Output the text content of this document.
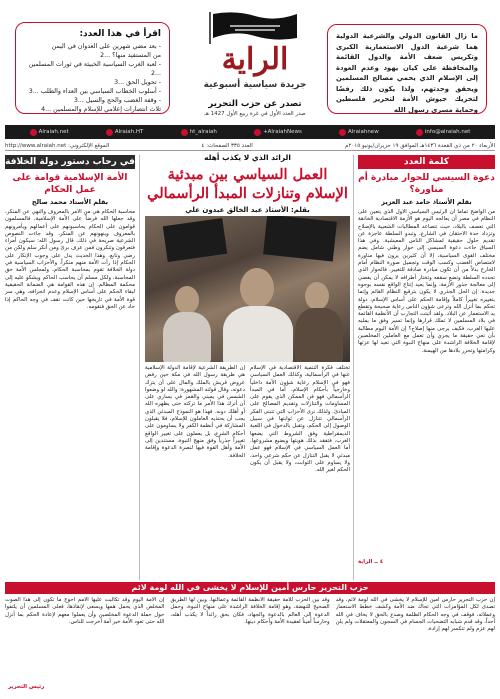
اقرأ في هذا العدد:
- بعد مضي شهرين على العدوان في اليمن
من المستفيد منها؟ ...2
- لعبة الغرب السياسية الخبيثة في ثورات المسلمين ...2
- تحويل الحق ...3
- أسلوب الخطاب السياسي بين العداء والطلب ...3
- وقفة الغضب والحج والسيل ...3
ثلاث انتصارات إعلامي للإسلام والمسلمين ...4
الراية
جريدة سياسية أسبوعية
تصدر عن حزب التحرير
صدر العدد الأول في غرة ربيع الأول 1427 هـ
ما زال القانون الدولي والشرعية الدولية هما شرعية الدول الاستعمارية الكبرى وتكريس ضعف الأمة والدول القائمة والمحافظة على كيان يهود وعدم العودة إلى الإسلام الذي يحمي مصالح المسلمين ويحقق وحدتهم، ولذا يكون ذلك رفضًا لتحريك جيوش الأمة لتحرير فلسطين وحماية مسرى رسول الله
Alraiah.net	Alraiah.HT	ht_alraiah	+AlraiahNews	Alraiahnew	info@alraiah.net
الأربعاء ٢٠ من ذي القعدة ١٤٣٦هـ الموافق ١٩ حزيران/يونيو ٢٠١٥م
العدد ٣٣٥ الصفحات: ٤
الموقع الإلكتروني: http://www.alraiah.net
كلمة العدد
دعوة السيسي للحوار مبادرة أم مناورة؟
بقلم الأستاذ حامد عبد العزيز
من الواضح تماماً أن الرئيس السياسي الأول الذي يتعين على النظام في مصر أن يعالجه اليوم هو الأزمة الاقتصادية الخانقة التي تعصف بالبلاد، حيث تتصاعد المطالبات الشعبية بالإصلاح وتزداد حدة الاحتقان في الشارع، وتبدو السلطة عاجزة عن تقديم حلول حقيقية لمشاكل الناس المعيشية. وفي هذا السياق جاءت دعوة السيسي إلى حوار وطني شامل يضم مختلف القوى السياسية، إلا أن كثيرين يرون فيها مناورة لامتصاص الغضب وكسب الوقت وتجميل صورة النظام أمام الخارج بدلاً من أن تكون مبادرة صادقة للتغيير. فالحوار الذي تحدده السلطة وتضع سقفه وتختار أطرافه لا يمكن أن يفضي إلى معالجة جذور الأزمة، وإنما يعيد إنتاج الواقع نفسه بوجوه جديدة. إن الحل الجذري لا يكون بترقيع النظام القائم وإنما بتغييره تغييراً كاملاً وإقامة الحكم على أساس الإسلام، دولة تحكم بما أنزل الله وترعى شؤون الناس رعاية صحيحة وتقطع يد الاستعمار عن البلاد. ولقد أثبتت التجارب أن الأنظمة القائمة في بلاد المسلمين لا تملك قرارها وإنما تسير وفق ما يمليه عليها الغرب، فكيف يرجى منها إصلاح؟ إن الأمة اليوم مطالبة بأن تعي حقيقة ما يجري وأن تعمل مع العاملين المخلصين لإقامة الخلافة الراشدة على منهاج النبوة التي تعيد لها عزتها وكرامتها وتحرر بلادها من الهيمنة.
٤ ــ الراية
الرائد الذي لا يكذب أهله
العمل السياسي بين مبدئية الإسلام وتنازلات المبدأ الرأسمالي
بقلم: الأستاذ عبد الخالق عبدون علي
تختلف فكرة التنمية الاقتصادية في الإسلام عنها في الرأسمالية، وكذلك العمل السياسي فهو في الإسلام رعاية شؤون الأمة داخلياً وخارجياً بأحكام الإسلام، أما في المبدأ الرأسمالي فهو فن الممكن الذي يقوم على المساومات والتنازلات وتقديم المصالح على المبادئ. ولذلك نرى الأحزاب التي تتبنى الفكر الرأسمالي تتنازل عن ثوابتها في سبيل الوصول إلى الحكم، وتقبل بالدخول في اللعبة الديمقراطية وفق الشروط التي يضعها الغرب، فتفقد بذلك هويتها ويضيع مشروعها. أما العمل السياسي في الإسلام فهو عمل مبدئي لا يقبل التنازل عن حكم شرعي واحد، ولا يساوم على الثوابت، ولا يقبل أن يكون الحكم لغير الله.
إن الطريقة الشرعية لإقامة الدولة الإسلامية هي طريقة رسول الله في مكة حين رفض عروض قريش بالملك والمال على أن يترك دعوته، وقال قولته المشهورة: والله لو وضعوا الشمس في يميني والقمر في يساري على أن أترك هذا الأمر ما تركته حتى يظهره الله أو أهلك دونه. فهذا هو النموذج المبدئي الذي يجب أن يحتذيه العاملون للإسلام، فلا يقبلون المشاركة في أنظمة الكفر ولا يساومون على أحكام الشرع، بل يعملون على تغيير الواقع تغييراً جذرياً وفق منهج النبوة، مستندين إلى الأمة وأهل القوة فيها لنصرة الدعوة وإقامة الخلافة.
في رحاب دستور دولة الخلافة
الأمة الإسلامية قوامة على عمل الحكام
بقلم الأستاذ محمد صالح
محاسبة الحكام هي من الأمر بالمعروف والنهي عن المنكر، وقد جعلها الله فرضاً على الأمة الإسلامية، فالمسلمون قوامون على الحكام يحاسبونهم على أعمالهم ويأمرونهم بالمعروف وينهونهم عن المنكر، وقد جاءت النصوص الشرعية صريحة في ذلك، قال رسول الله: سيكون أمراء فتعرفون وتنكرون فمن عرف برئ ومن أنكر سلم ولكن من رضي وتابع. وهذا الحديث يدل على وجوب الإنكار على الحكام إذا رأت الأمة منهم منكراً. والأحزاب السياسية في دولة الخلافة تقوم بمحاسبة الحكام، ولمجلس الأمة حق المحاسبة، ولكل مسلم أن يحاسب الحاكم ويشكو عليه إلى محكمة المظالم. إن هذه القوامة هي الضمانة الحقيقية لبقاء الحكم على أساس الإسلام وعدم انحرافه، وهي سر قوة الأمة في تاريخها حين كانت تقف في وجه الحاكم إذا حاد عن الحق فتقومه.
حزب التحرير حارس أمين للإسلام لا يخشى في الله لومة لائم
إن حزب التحرير حارس أمين للإسلام لا يخشى في الله لومة لائم، وقد تصدى لكل المؤامرات التي تحاك ضد الأمة وكشف خطط الاستعمار وعملائه، فوقف في وجه الحكام الظلمة وصدع بالحق لا يخاف في الله أحداً، وقد قدم شبابه التضحيات الجسام في السجون والمعتقلات ولم يلن لهم عزم ولم تنكسر لهم إرادة.
وقد بين الحزب للأمة حقيقة الأنظمة القائمة وعمالتها، وبين لها الطريق الصحيح للنهضة، وهو إقامة الخلافة الراشدة على منهاج النبوة، وحمل الدعوة إلى العالم بالدعوة والجهاد، فكان بحق رائداً لا يكذب أهله، وحارساً أميناً لعقيدة الأمة وأحكام دينها.
إن الأمة اليوم وقد تكالبت عليها الأمم أحوج ما تكون إلى هذا الصوت المخلص الذي يحمل همها ويسعى لإنقاذها، فعلى المسلمين أن يلتفوا حول حملة الدعوة المخلصين وأن يعملوا معهم لإعادة الحكم بما أنزل الله حتى تعود الأمة خير أمة أخرجت للناس.
رئيس التحرير
